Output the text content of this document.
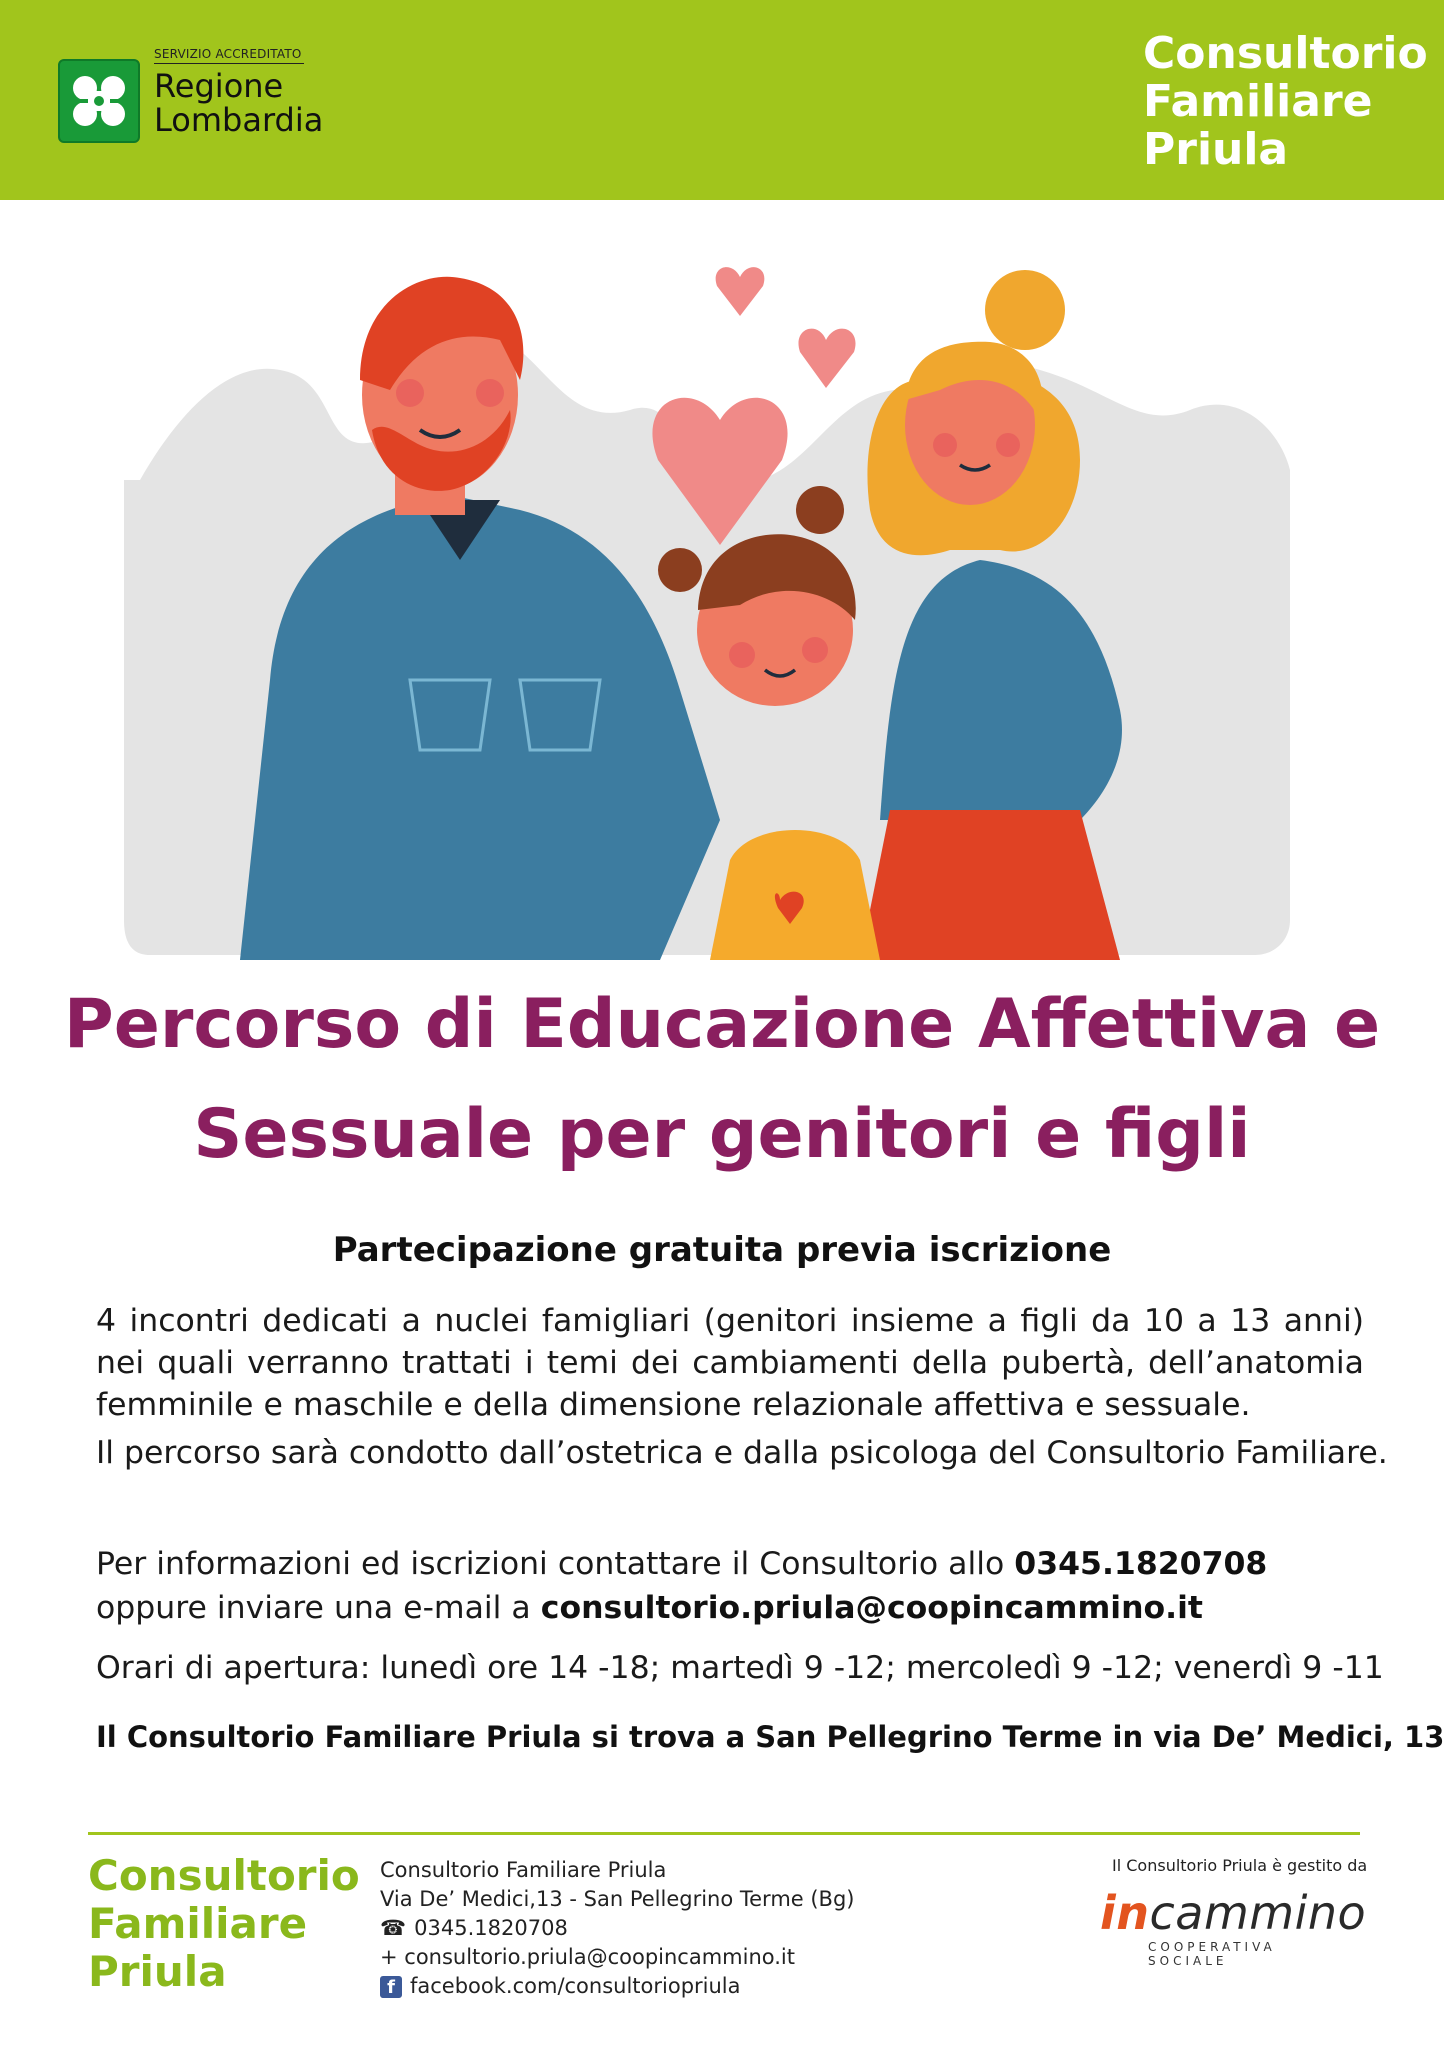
SERVIZIO ACCREDITATO
Regione
Lombardia
Consultorio
Familiare
Priula
Percorso di Educazione Affettiva e
Sessuale per genitori e figli
Partecipazione gratuita previa iscrizione

4 incontri dedicati a nuclei famigliari (genitori insieme a figli da 10 a 13 anni) nei quali verranno trattati i temi dei cambiamenti della pubertà, dell’anatomia femminile e maschile e della dimensione relazionale affettiva e sessuale.

Il percorso sarà condotto dall’ostetrica e dalla psicologa del Consultorio Familiare.

Per informazioni ed iscrizioni contattare il Consultorio allo 0345.1820708 oppure inviare una e-mail a consultorio.priula@coopincammino.it
Orari di apertura: lunedì ore 14 -18; martedì 9 -12; mercoledì 9 -12; venerdì 9 -11
Il Consultorio Familiare Priula si trova a San Pellegrino Terme in via De’ Medici, 13
Consultorio
Familiare
Priula
Consultorio Familiare Priula
Via De’ Medici,13 - San Pellegrino Terme (Bg)
☎ 0345.1820708
+ consultorio.priula@coopincammino.it
f facebook.com/consultoriopriula
Il Consultorio Priula è gestito da
incammino
COOPERATIVA SOCIALE
